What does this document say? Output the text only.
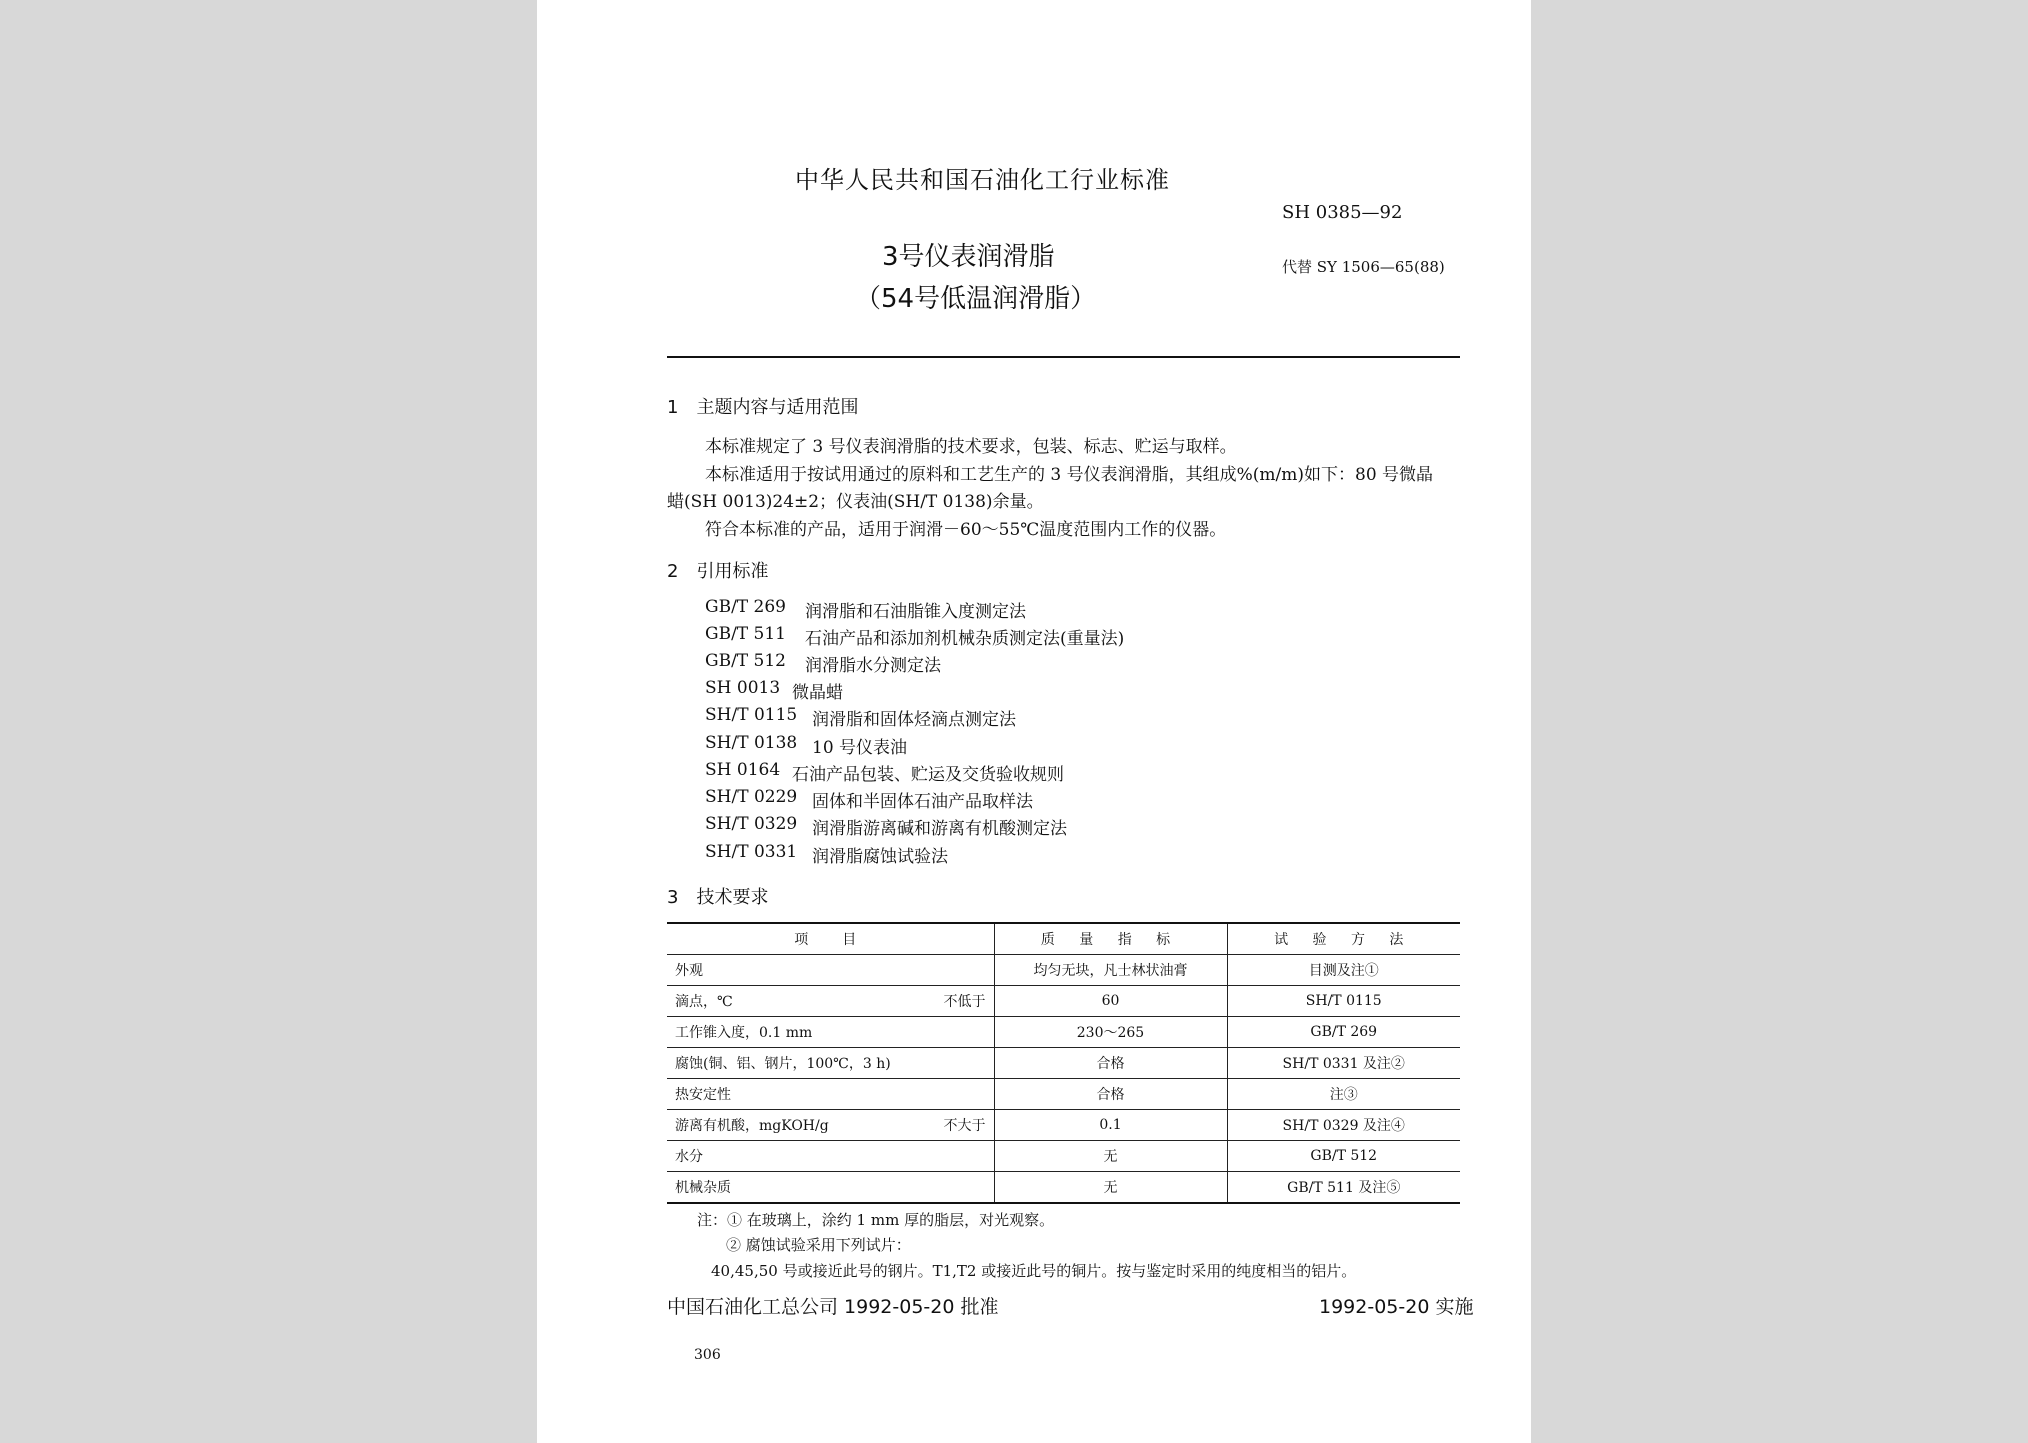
中华人民共和国石油化工行业标准
SH 0385—92
3号仪表润滑脂
（54号低温润滑脂）
代替 SY 1506—65(88)
1　主题内容与适用范围
本标准规定了 3 号仪表润滑脂的技术要求，包装、标志、贮运与取样。
本标准适用于按试用通过的原料和工艺生产的 3 号仪表润滑脂，其组成%(m/m)如下：80 号微晶
蜡(SH 0013)24±2；仪表油(SH/T 0138)余量。
符合本标准的产品，适用于润滑－60～55℃温度范围内工作的仪器。
2　引用标准
GB/T 269 润滑脂和石油脂锥入度测定法
GB/T 511 石油产品和添加剂机械杂质测定法(重量法)
GB/T 512 润滑脂水分测定法
SH 0013 微晶蜡
SH/T 0115 润滑脂和固体烃滴点测定法
SH/T 0138 10 号仪表油
SH 0164 石油产品包装、贮运及交货验收规则
SH/T 0229 固体和半固体石油产品取样法
SH/T 0329 润滑脂游离碱和游离有机酸测定法
SH/T 0331 润滑脂腐蚀试验法
3　技术要求
项　目	质 量 指 标	试 验 方 法

外观	均匀无块，凡士林状油膏	目测及注①

滴点，℃ 不低于	60	SH/T 0115

工作锥入度，0.1 mm	230～265	GB/T 269

腐蚀(铜、铝、钢片，100℃，3 h)	合格	SH/T 0331 及注②

热安定性	合格	注③

游离有机酸，mgKOH/g 不大于	0.1	SH/T 0329 及注④

水分	无	GB/T 512

机械杂质	无	GB/T 511 及注⑤
注：① 在玻璃上，涂约 1 mm 厚的脂层，对光观察。
② 腐蚀试验采用下列试片：
40,45,50 号或接近此号的钢片。T1,T2 或接近此号的铜片。按与鉴定时采用的纯度相当的铝片。
中国石油化工总公司 1992-05-20 批准	1992-05-20 实施
306
